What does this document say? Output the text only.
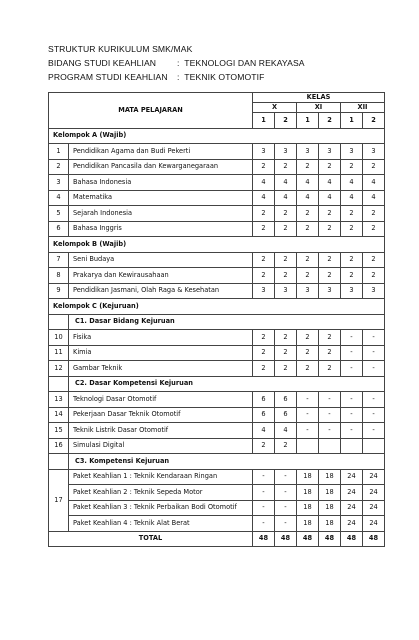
STRUKTUR KURIKULUM SMK/MAK
BIDANG STUDI KEAHLIAN :  TEKNOLOGI DAN REKAYASA
PROGRAM STUDI KEAHLIAN :  TEKNIK OTOMOTIF
MATA PELAJARAN		KELAS					
		X		XI		XII	
		1	2	1	2	1	2
Kelompok A (Wajib)							
1	Pendidikan Agama dan Budi Pekerti	3	3	3	3	3	3
2	Pendidikan Pancasila dan Kewarganegaraan	2	2	2	2	2	2
3	Bahasa Indonesia	4	4	4	4	4	4
4	Matematika	4	4	4	4	4	4
5	Sejarah Indonesia	2	2	2	2	2	2
6	Bahasa Inggris	2	2	2	2	2	2
Kelompok B (Wajib)							
7	Seni Budaya	2	2	2	2	2	2
8	Prakarya dan Kewirausahaan	2	2	2	2	2	2
9	Pendidikan Jasmani, Olah Raga & Kesehatan	3	3	3	3	3	3
Kelompok C (Kejuruan)							
	C1. Dasar Bidang Kejuruan						
10	Fisika	2	2	2	2	-	-
11	Kimia	2	2	2	2	-	-
12	Gambar Teknik	2	2	2	2	-	-
	C2. Dasar Kompetensi Kejuruan						
13	Teknologi Dasar Otomotif	6	6	-	-	-	-
14	Pekerjaan Dasar Teknik Otomotif	6	6	-	-	-	-
15	Teknik Listrik Dasar Otomotif	4	4	-	-	-	-
16	Simulasi Digital	2	2				
	C3. Kompetensi Kejuruan						
17	Paket Keahlian 1 : Teknik Kendaraan Ringan	-	-	18	18	24	24
	Paket Keahlian 2 : Teknik Sepeda Motor	-	-	18	18	24	24
	Paket Keahlian 3 : Teknik Perbaikan Bodi Otomotif	-	-	18	18	24	24
	Paket Keahlian 4 : Teknik Alat Berat	-	-	18	18	24	24
TOTAL		48	48	48	48	48	48
